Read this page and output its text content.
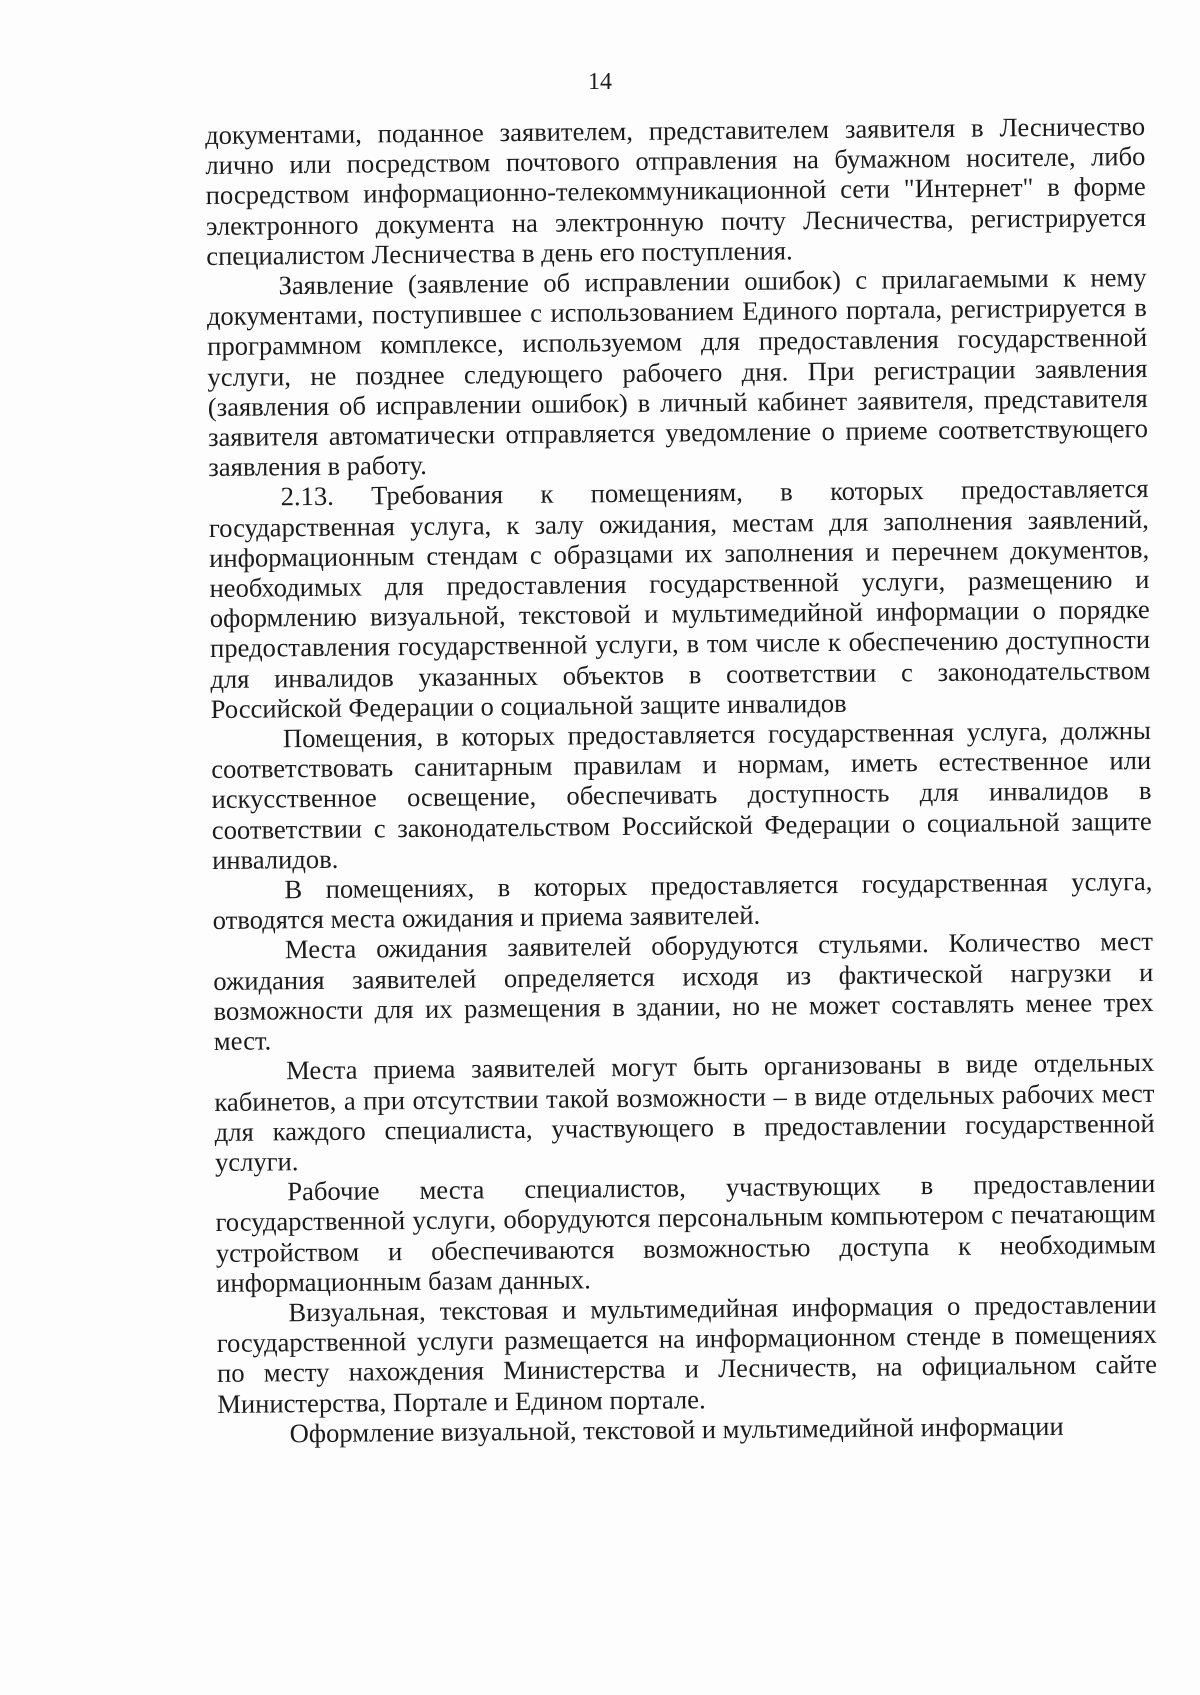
14

документами, поданное заявителем, представителем заявителя в Лесничество лично или посредством почтового отправления на бумажном носителе, либо посредством информационно-телекоммуникационной сети "Интернет" в форме электронного документа на электронную почту Лесничества, регистрируется специалистом Лесничества в день его поступления.

Заявление (заявление об исправлении ошибок) с прилагаемыми к нему документами, поступившее с использованием Единого портала, регистрируется в программном комплексе, используемом для предоставления государственной услуги, не позднее следующего рабочего дня. При регистрации заявления (заявления об исправлении ошибок) в личный кабинет заявителя, представителя заявителя автоматически отправляется уведомление о приеме соответствующего заявления в работу.

2.13. Требования к помещениям, в которых предоставляется государственная услуга, к залу ожидания, местам для заполнения заявлений, информационным стендам с образцами их заполнения и перечнем документов, необходимых для предоставления государственной услуги, размещению и оформлению визуальной, текстовой и мультимедийной информации о порядке предоставления государственной услуги, в том числе к обеспечению доступности для инвалидов указанных объектов в соответствии с законодательством Российской Федерации о социальной защите инвалидов

Помещения, в которых предоставляется государственная услуга, должны соответствовать санитарным правилам и нормам, иметь естественное или искусственное освещение, обеспечивать доступность для инвалидов в соответствии с законодательством Российской Федерации о социальной защите инвалидов.

В помещениях, в которых предоставляется государственная услуга, отводятся места ожидания и приема заявителей.

Места ожидания заявителей оборудуются стульями. Количество мест ожидания заявителей определяется исходя из фактической нагрузки и возможности для их размещения в здании, но не может составлять менее трех мест.

Места приема заявителей могут быть организованы в виде отдельных кабинетов, а при отсутствии такой возможности – в виде отдельных рабочих мест для каждого специалиста, участвующего в предоставлении государственной услуги.

Рабочие места специалистов, участвующих в предоставлении государственной услуги, оборудуются персональным компьютером с печатающим устройством и обеспечиваются возможностью доступа к необходимым информационным базам данных.

Визуальная, текстовая и мультимедийная информация о предоставлении государственной услуги размещается на информационном стенде в помещениях по месту нахождения Министерства и Лесничеств, на официальном сайте Министерства, Портале и Едином портале.

Оформление визуальной, текстовой и мультимедийной информации
